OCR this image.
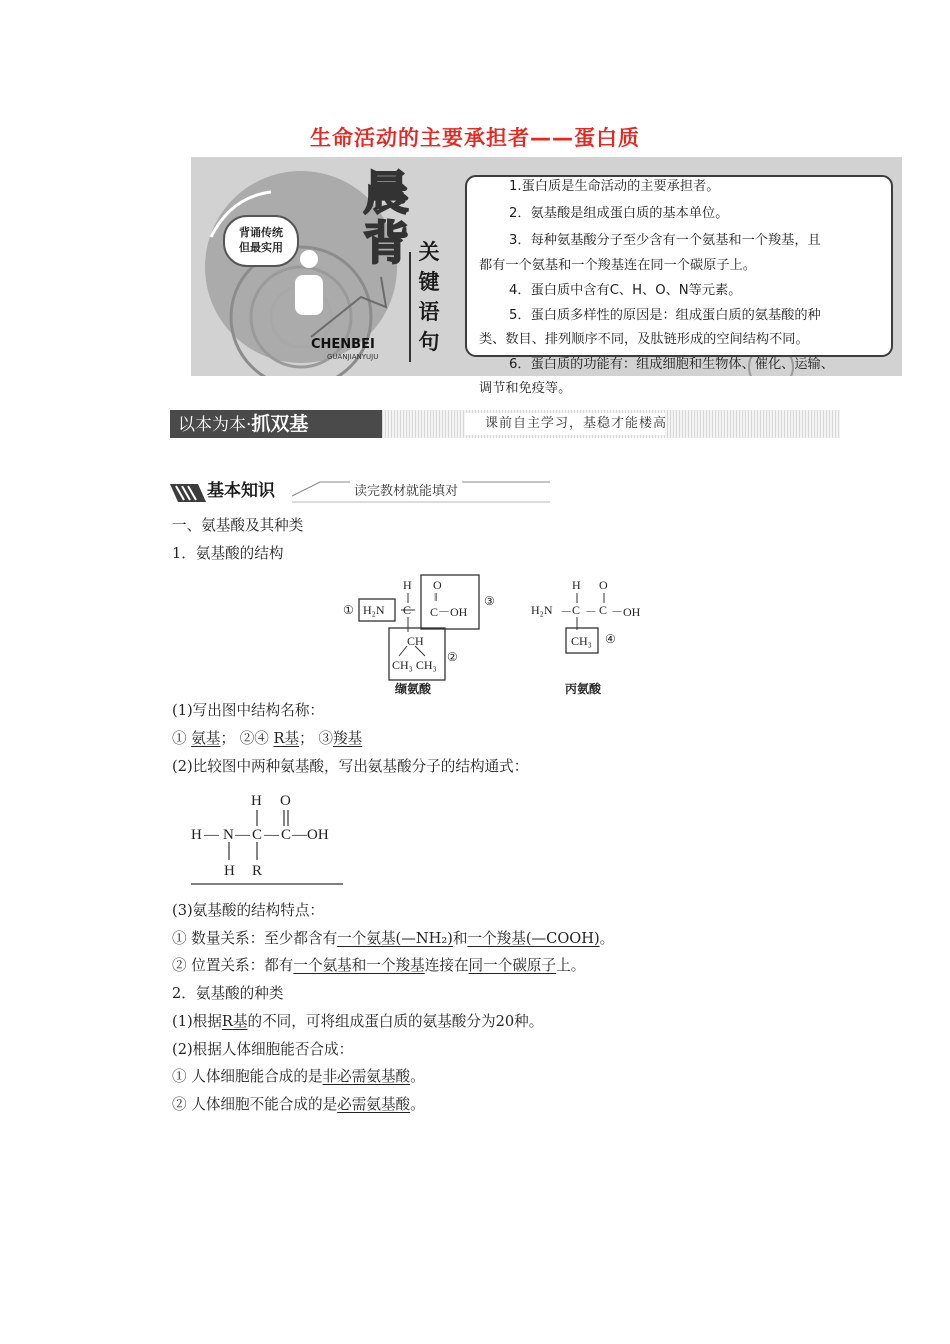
生命活动的主要承担者——蛋白质
背诵传统
但最实用
晨
背 关
键
语
句
CHENBEI
GUANJIANYUJU
1.蛋白质是生命活动的主要承担者。
2．氨基酸是组成蛋白质的基本单位。
3．每种氨基酸分子至少含有一个氨基和一个羧基，且
都有一个氨基和一个羧基连在同一个碳原子上。
4．蛋白质中含有C、H、O、N等元素。
5．蛋白质多样性的原因是：组成蛋白质的氨基酸的种
类、数目、排列顺序不同，及肽链形成的空间结构不同。
6．蛋白质的功能有：组成细胞和生物体、催化、运输、
调节和免疫等。
以本为本·抓双基	课前自主学习，基稳才能楼高
基本知识	读完教材就能填对
一、氨基酸及其种类
1．氨基酸的结构
① H₂N
H
C
O
‖
C－OH
③
CH
CH₃ CH₃
②
缬氨酸
H₂N －
H
C －
O
C －OH
CH₃ ④
丙氨酸
(1)写出图中结构名称：
① 氨基； ②④ R基； ③羧基
(2)比较图中两种氨基酸，写出氨基酸分子的结构通式：
H O
H — N — C — C — OH
H R
(3)氨基酸的结构特点：
① 数量关系：至少都含有一个氨基(—NH₂)和一个羧基(—COOH)。
② 位置关系：都有一个氨基和一个羧基连接在同一个碳原子上。
2．氨基酸的种类
(1)根据R基的不同，可将组成蛋白质的氨基酸分为20种。
(2)根据人体细胞能否合成：
① 人体细胞能合成的是非必需氨基酸。
② 人体细胞不能合成的是必需氨基酸。
